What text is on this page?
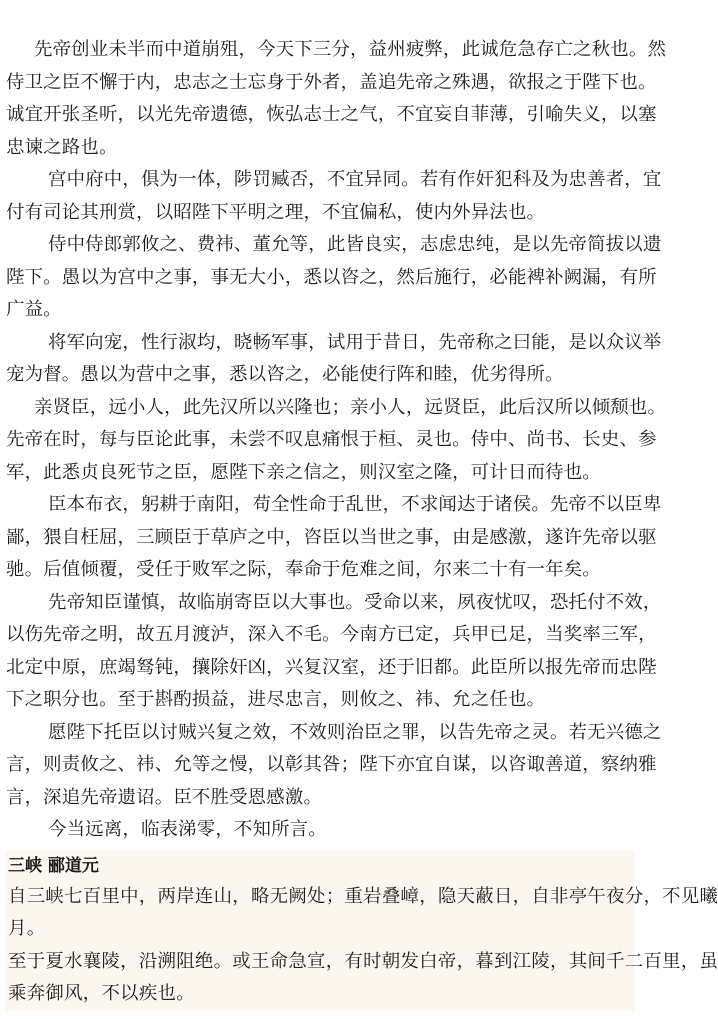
先帝创业未半而中道崩殂，今天下三分，益州疲弊，此诚危急存亡之秋也。然
侍卫之臣不懈于内，忠志之士忘身于外者，盖追先帝之殊遇，欲报之于陛下也。
诚宜开张圣听，以光先帝遗德，恢弘志士之气，不宜妄自菲薄，引喻失义，以塞
忠谏之路也。
宫中府中，俱为一体，陟罚臧否，不宜异同。若有作奸犯科及为忠善者，宜
付有司论其刑赏，以昭陛下平明之理，不宜偏私，使内外异法也。
侍中侍郎郭攸之、费祎、董允等，此皆良实，志虑忠纯，是以先帝简拔以遗
陛下。愚以为宫中之事，事无大小，悉以咨之，然后施行，必能裨补阙漏，有所
广益。
将军向宠，性行淑均，晓畅军事，试用于昔日，先帝称之曰能，是以众议举
宠为督。愚以为营中之事，悉以咨之，必能使行阵和睦，优劣得所。
亲贤臣，远小人，此先汉所以兴隆也；亲小人，远贤臣，此后汉所以倾颓也。
先帝在时，每与臣论此事，未尝不叹息痛恨于桓、灵也。侍中、尚书、长史、参
军，此悉贞良死节之臣，愿陛下亲之信之，则汉室之隆，可计日而待也。
臣本布衣，躬耕于南阳，苟全性命于乱世，不求闻达于诸侯。先帝不以臣卑
鄙，猥自枉屈，三顾臣于草庐之中，咨臣以当世之事，由是感激，遂许先帝以驱
驰。后值倾覆，受任于败军之际，奉命于危难之间，尔来二十有一年矣。
先帝知臣谨慎，故临崩寄臣以大事也。受命以来，夙夜忧叹，恐托付不效，
以伤先帝之明，故五月渡泸，深入不毛。今南方已定，兵甲已足，当奖率三军，
北定中原，庶竭驽钝，攘除奸凶，兴复汉室，还于旧都。此臣所以报先帝而忠陛
下之职分也。至于斟酌损益，进尽忠言，则攸之、祎、允之任也。
愿陛下托臣以讨贼兴复之效，不效则治臣之罪，以告先帝之灵。若无兴德之
言，则责攸之、祎、允等之慢，以彰其咎；陛下亦宜自谋，以咨诹善道，察纳雅
言，深追先帝遗诏。臣不胜受恩感激。
今当远离，临表涕零，不知所言。
三峡 郦道元
自三峡七百里中，两岸连山，略无阙处；重岩叠嶂，隐天蔽日，自非亭午夜分，不见曦
月。
至于夏水襄陵，沿溯阻绝。或王命急宣，有时朝发白帝，暮到江陵，其间千二百里，虽
乘奔御风，不以疾也。
